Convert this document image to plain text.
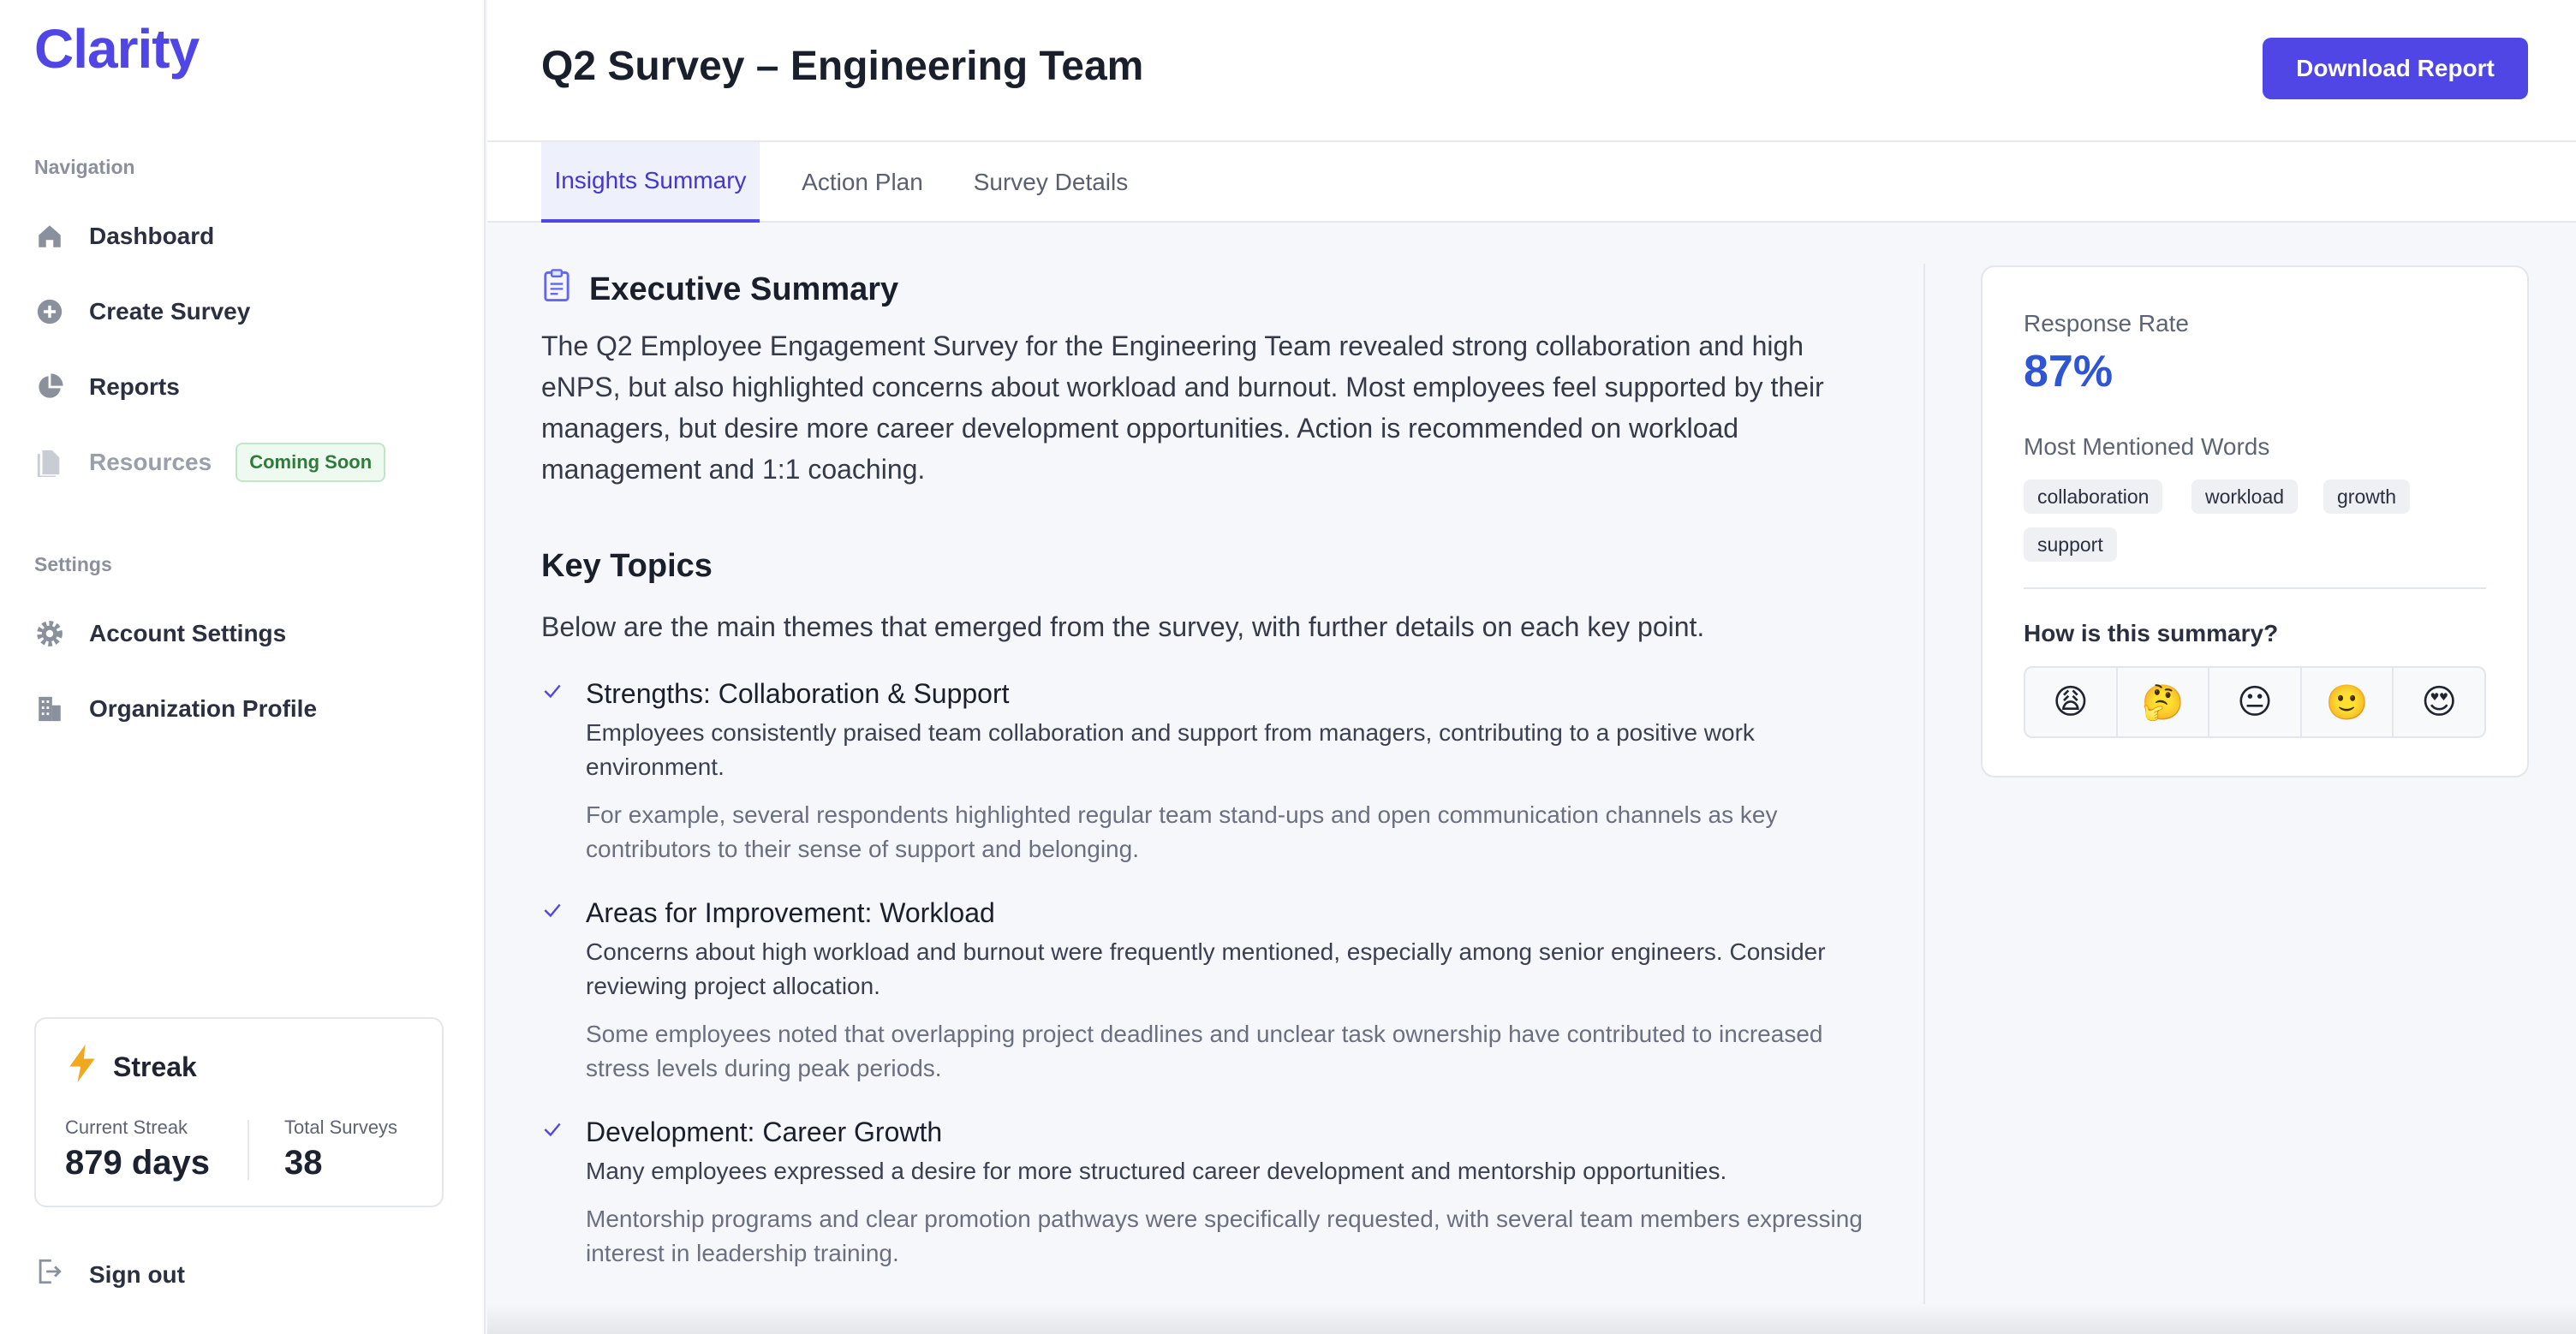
Clarity
Navigation
Dashboard
Create Survey
Reports
Resources	Coming Soon
Settings
Account Settings
Organization Profile
Streak
Current Streak
879 days
Total Surveys
38
Sign out
Q2 Survey – Engineering Team	Download Report
Insights Summary	Action Plan	Survey Details
Executive Summary

The Q2 Employee Engagement Survey for the Engineering Team revealed strong collaboration and high eNPS, but also highlighted concerns about workload and burnout. Most employees feel supported by their managers, but desire more career development opportunities. Action is recommended on workload management and 1:1 coaching.

Key Topics

Below are the main themes that emerged from the survey, with further details on each key point.

Strengths: Collaboration & Support
Employees consistently praised team collaboration and support from managers, contributing to a positive work environment.
For example, several respondents highlighted regular team stand-ups and open communication channels as key contributors to their sense of support and belonging.
Areas for Improvement: Workload
Concerns about high workload and burnout were frequently mentioned, especially among senior engineers. Consider reviewing project allocation.
Some employees noted that overlapping project deadlines and unclear task ownership have contributed to increased stress levels during peak periods.
Development: Career Growth
Many employees expressed a desire for more structured career development and mentorship opportunities.
Mentorship programs and clear promotion pathways were specifically requested, with several team members expressing interest in leadership training.
Response Rate
87%
Most Mentioned Words
collaboration	workload	growth
support
How is this summary?
😩	🤔	😐	🙂	😍
